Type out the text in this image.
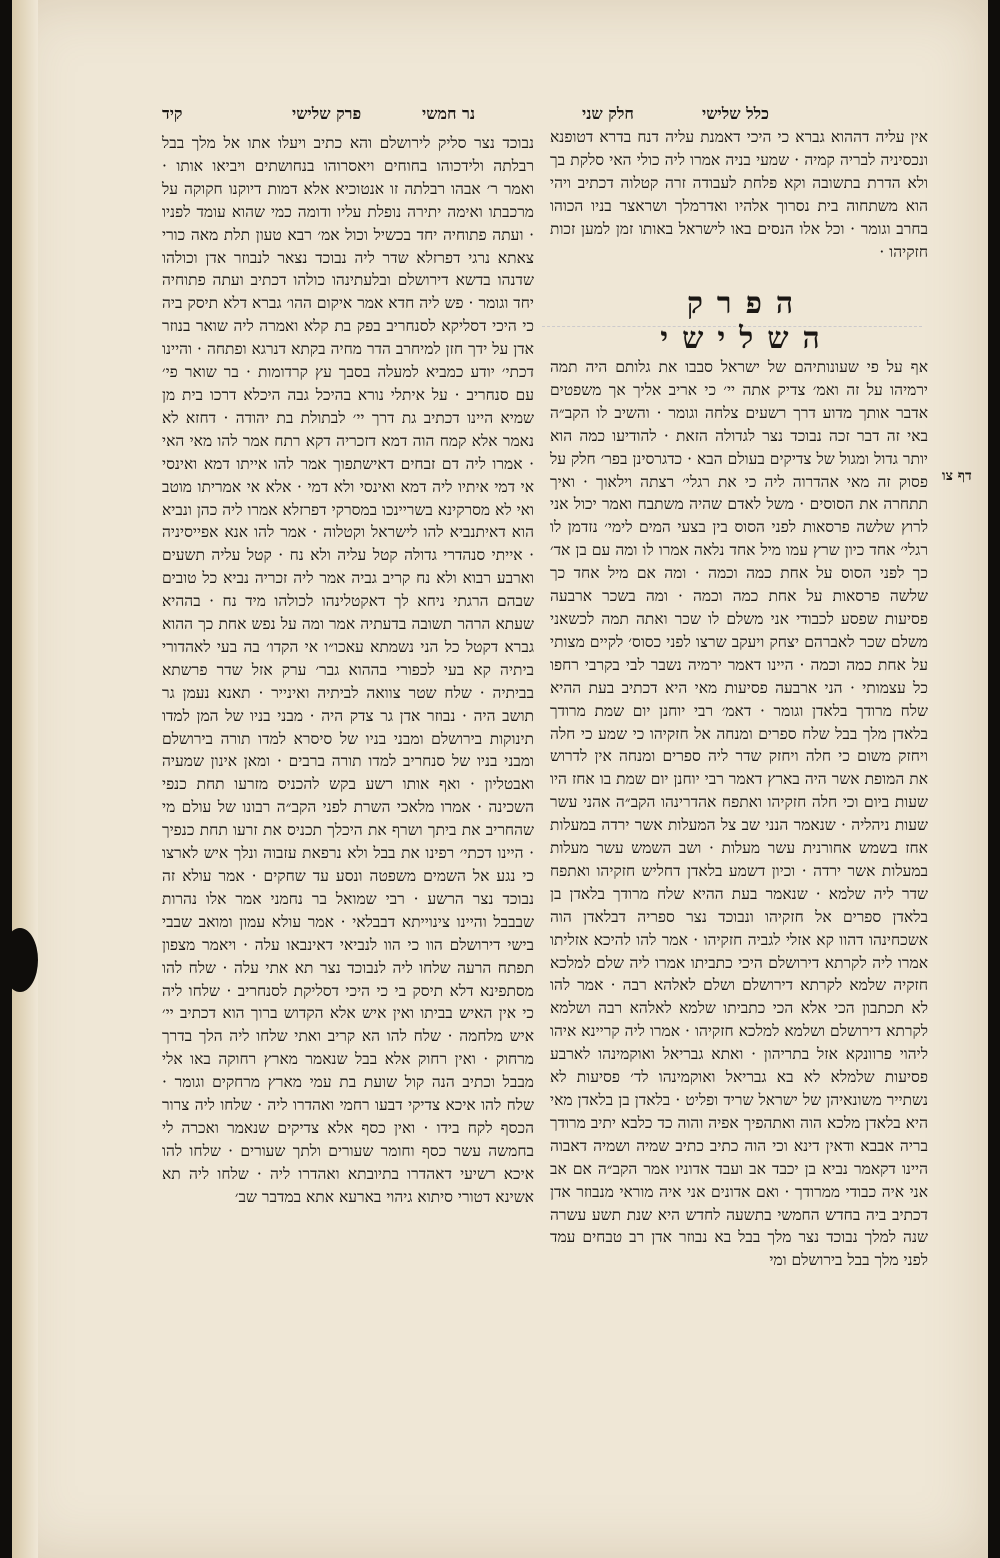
קיד	פרק שלישי	נר חמשי	חלק שני	כלל שלישי

נבוכד נצר סליק לירושלם והא כתיב ויעלו אתו אל מלך בבל רבלתה ולידכוהו בחוחים ויאסרוהו בנחושתים ויביאו אותו · ואמר ר׳ אבהו רבלתה זו אנטוכיא אלא דמות דיוקנו חקוקה על מרכבתו ואימה יתירה נופלת עליו ודומה כמי שהוא עומד לפניו · ועתה פתוחיה יחד בכשיל וכול אמ׳ רבא טעון תלת מאה כורי צאתא נרגי דפרזלא שדר ליה נבוכד נצאר לנבוזר אדן וכולהו שדנהו בדשא דירושלם ובלעתינהו כולהו דכתיב ועתה פתוחיה יחד וגומר · פש ליה חדא אמר איקום ההו׳ גברא דלא תיסק ביה כי היכי דסליקא לסנחריב בפק בת קלא ואמרה ליה שואר בנוזר אדן על ידך חזן למיחרב הדר מחיה בקתא דנרגא ופתחה · והיינו דכתי׳ יודע כמביא למעלה בסבך עץ קרדומות · בר שואר פי׳ עם סנחריב · על איתלי נורא בהיכל גבה היכלא דרכו בית מן שמיא היינו דכתיב גת דרך יי׳ לבתולת בת יהודה · דחזא לא נאמר אלא קמח הוה דמא דזכריה דקא רתח אמר להו מאי האי · אמרו ליה דם זבחים דאישתפוך אמר להו אייתו דמא ואינסי אי דמי איתיו ליה דמא ואינסי ולא דמי · אלא אי אמריתו מוטב ואי לא מסרקינא בשריינכו במסרקי דפרזלא אמרו ליה כהן ונביא הוא דאיתנביא להו לישראל וקטלוה · אמר להו אנא אפייסיניה · אייתי סנהדרי גדולה קטל עליה ולא נח · קטל עליה תשעים וארבע רבוא ולא נח קריב גביה אמר ליה זכריה נביא כל טובים שבהם הרגתי ניחא לך דאקטלינהו לכולהו מיד נח · בההיא שעתא הרהר תשובה בדעתיה אמר ומה על נפש אחת כך ההוא גברא דקטל כל הני נשמתא עאכו״ו אי הקדו׳ בה בעי לאהדורי ביתיה קא בעי לכפורי בההוא גבר׳ ערק אזל שדר פרשתא בביתיה · שלח שטר צוואה לביתיה ואינייר · תאנא נעמן גר תושב היה · נבוזר אדן גר צדק היה · מבני בניו של המן למדו תינוקות בירושלם ומבני בניו של סיסרא למדו תורה בירושלם ומבני בניו של סנחריב למדו תורה ברבים · ומאן אינון שמעיה ואבטליון · ואף אותו רשע בקש להכניס מזרעו תחת כנפי השכינה · אמרו מלאכי השרת לפני הקב״ה רבונו של עולם מי שהחריב את ביתך ושרף את היכלך תכניס את זרעו תחת כנפיך · היינו דכתי׳ רפינו את בבל ולא נרפאת עזבוה ונלך איש לארצו כי נגע אל השמים משפטה ונסע עד שחקים · אמר עולא זה נבוכד נצר הרשע · רבי שמואל בר נחמני אמר אלו נהרות שבבבל והיינו צינוייתא דבבלאי · אמר עולא עמון ומואב שבבי בישי דירושלם הוו כי הוו לנביאי דאינבאו עלה · ויאמר מצפון תפתח הרעה שלחו ליה לנבוכד נצר תא אתי עלה · שלח להו מסתפינא דלא תיסק בי כי היכי דסליקת לסנחריב · שלחו ליה כי אין האיש בביתו ואין איש אלא הקדוש ברוך הוא דכתיב יי׳ איש מלחמה · שלח להו הא קריב ואתי שלחו ליה הלך בדרך מרחוק · ואין רחוק אלא בבל שנאמר מארץ רחוקה באו אלי מבבל וכתיב הנה קול שועת בת עמי מארץ מרחקים וגומר · שלח להו איכא צדיקי דבעו רחמי ואהדרו ליה · שלחו ליה צרור הכסף לקח בידו · ואין כסף אלא צדיקים שנאמר ואכרה לי בחמשה עשר כסף וחומר שעורים ולתך שעורים · שלחו להו איכא רשיעי דאהדרו בתיובתא ואהדרו ליה · שלחו ליה תא אשינא דטורי סיתוא גיהוי בארעא אתא במדבר שב׳

אין עליה דההוא גברא כי היכי דאמנת עליה דנח בדרא דטופנא ונכסיניה לבריה קמיה · שמעי בניה אמרו ליה כולי האי סלקת בך ולא הדרת בתשובה וקא פלחת לעבודה זרה קטלוה דכתיב ויהי הוא משתחוה בית נסרוך אלהיו ואדרמלך ושראצר בניו הכוהו בחרב וגומר · וכל אלו הנסים באו לישראל באותו זמן למען זכות חזקיהו ·

הפרק השלישי

אף על פי שעונותיהם של ישראל סבבו את גלותם היה תמה ירמיהו על זה ואמ׳ צדיק אתה יי׳ כי אריב אליך אך משפטים אדבר אותך מדוע דרך רשעים צלחה וגומר · והשיב לו הקב״ה באי זה דבר זכה נבוכד נצר לגדולה הזאת · להודיעו כמה הוא יותר גדול ומגול של צדיקים בעולם הבא · כדגרסינן בפר׳ חלק על פסוק זה מאי אהדרוה ליה כי את רגלי׳ רצתה וילאוך · ואיך תתחרה את הסוסים · משל לאדם שהיה משתבח ואמר יכול אני לרוץ שלשה פרסאות לפני הסוס בין בצעי המים לימי׳ נזדמן לו רגלי׳ אחד כיון שרץ עמו מיל אחד נלאה אמרו לו ומה עם בן אד׳ כך לפני הסוס על אחת כמה וכמה · ומה אם מיל אחד כך שלשה פרסאות על אחת כמה וכמה · ומה בשכר ארבעה פסיעות שפסע לכבודי אני משלם לו שכר ואתה תמה לכשאני משלם שכר לאברהם יצחק ויעקב שרצו לפני כסוס׳ לקיים מצותי על אחת כמה וכמה · היינו דאמר ירמיה נשבר לבי בקרבי רחפו כל עצמותי · הני ארבעה פסיעות מאי היא דכתיב בעת ההיא שלח מרודך בלאדן וגומר · דאמ׳ רבי יוחנן יום שמת מרודך בלאדן מלך בבל שלח ספרים ומנחה אל חזקיהו כי שמע כי חלה ויחזק משום כי חלה ויחזק שדר ליה ספרים ומנחה אין לדרוש את המופת אשר היה בארץ דאמר רבי יוחנן יום שמת בו אחז היו שעות ביום וכי חלה חזקיהו ואתפח אהדרינהו הקב״ה אהני עשר שעות ניהליה · שנאמר הנני שב צל המעלות אשר ירדה במעלות אחז בשמש אחורנית עשר מעלות · ושב השמש עשר מעלות במעלות אשר ירדה · וכיון דשמע בלאדן דחליש חזקיהו ואתפח שדר ליה שלמא · שנאמר בעת ההיא שלח מרודך בלאדן בן בלאדן ספרים אל חזקיהו ונבוכד נצר ספריה דבלאדן הוה אשכחינהו דהוו קא אזלי לגביה חזקיהו · אמר להו להיכא אזליתו אמרו ליה לקרתא דירושלם היכי כתביתו אמרו ליה שלם למלכא חזקיה שלמא לקרתא דירושלם ושלם לאלהא רבה · אמר להו לא תכתבון הכי אלא הכי כתביתו שלמא לאלהא רבה ושלמא לקרתא דירושלם ושלמא למלכא חזקיהו · אמרו ליה קריינא איהו ליהוי פרוונקא אזל בתריהון · ואתא גבריאל ואוקמינהו לארבע פסיעות שלמלא לא בא גבריאל ואוקמינהו לד׳ פסיעות לא נשתייר משונאיהן של ישראל שריד ופליט · בלאדן בן בלאדן מאי היא בלאדן מלכא הוה ואתהפיך אפיה והוה כד כלבא יתיב מרודך בריה אבבא ודאין דינא וכי הוה כתיב כתיב שמיה ושמיה דאבוה היינו דקאמר נביא בן יכבד אב ועבד אדוניו אמר הקב״ה אם אב אני איה כבודי ממרודך · ואם אדונים אני איה מוראי מנבוזר אדן דכתיב ביה בחדש החמשי בתשעה לחדש היא שנת תשע עשרה שנה למלך נבוכד נצר מלך בבל בא נבוזר אדן רב טבחים עמד לפני מלך בבל בירושלם ומי

דף צו
